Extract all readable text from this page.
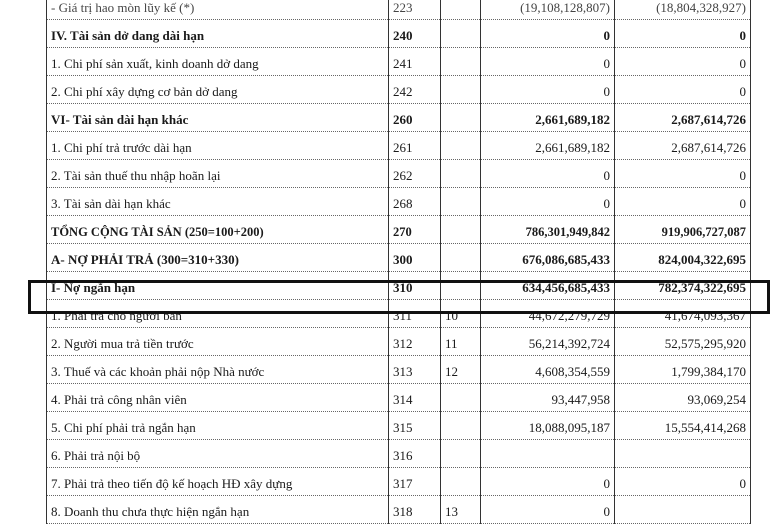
- Giá trị hao mòn lũy kế (*)	223		(19,108,128,807)	(18,804,328,927)
IV. Tài sản dở dang dài hạn	240		0	0
1. Chi phí sản xuất, kinh doanh dở dang	241		0	0
2. Chi phí xây dựng cơ bản dở dang	242		0	0
VI- Tài sản dài hạn khác	260		2,661,689,182	2,687,614,726
1. Chi phí trả trước dài hạn	261		2,661,689,182	2,687,614,726
2. Tài sản thuế thu nhập hoãn lại	262		0	0
3. Tài sản dài hạn khác	268		0	0
TỔNG CỘNG TÀI SẢN (250=100+200)	270		786,301,949,842	919,906,727,087
A- NỢ PHẢI TRẢ (300=310+330)	300		676,086,685,433	824,004,322,695
I- Nợ ngắn hạn	310		634,456,685,433	782,374,322,695
1. Phải trả cho người bán	311	10	44,672,279,729	41,674,093,367
2. Người mua trả tiền trước	312	11	56,214,392,724	52,575,295,920
3. Thuế và các khoản phải nộp Nhà nước	313	12	4,608,354,559	1,799,384,170
4. Phải trả công nhân viên	314		93,447,958	93,069,254
5. Chi phí phải trả ngắn hạn	315		18,088,095,187	15,554,414,268
6. Phải trả nội bộ	316			
7. Phải trả theo tiến độ kế hoạch HĐ xây dựng	317		0	0
8. Doanh thu chưa thực hiện ngắn hạn	318	13	0	
